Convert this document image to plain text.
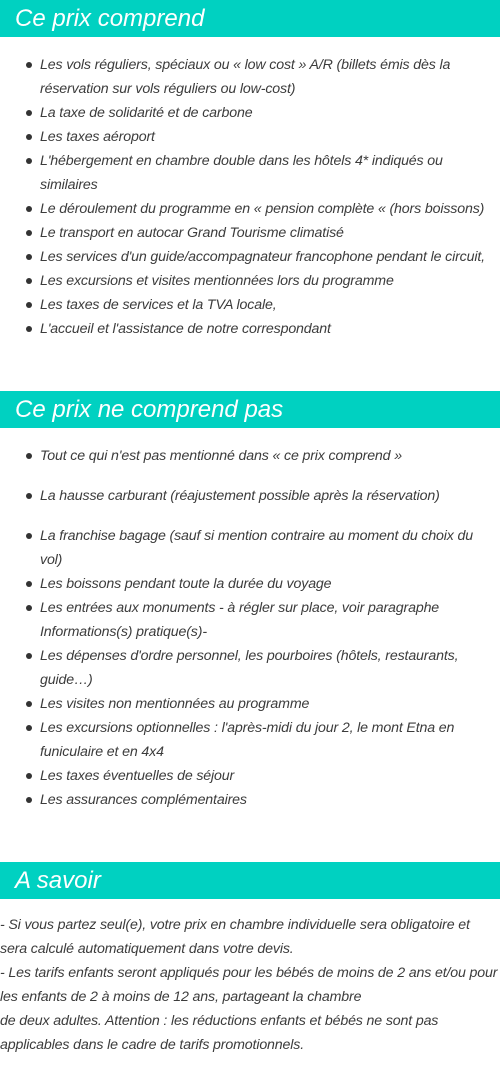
Ce prix comprend
Les vols réguliers, spéciaux ou « low cost » A/R (billets émis dès la réservation sur vols réguliers ou low-cost)
La taxe de solidarité et de carbone
Les taxes aéroport
L'hébergement en chambre double dans les hôtels 4* indiqués ou similaires
Le déroulement du programme en « pension complète « (hors boissons)
Le transport en autocar Grand Tourisme climatisé
Les services d'un guide/accompagnateur francophone pendant le circuit,
Les excursions et visites mentionnées lors du programme
Les taxes de services et la TVA locale,
L'accueil et l'assistance de notre correspondant
Ce prix ne comprend pas
Tout ce qui n'est pas mentionné dans « ce prix comprend »
La hausse carburant (réajustement possible après la réservation)
La franchise bagage (sauf si mention contraire au moment du choix du vol)
Les boissons pendant toute la durée du voyage
Les entrées aux monuments - à régler sur place, voir paragraphe Informations(s) pratique(s)-
Les dépenses d'ordre personnel, les pourboires (hôtels, restaurants, guide…)
Les visites non mentionnées au programme
Les excursions optionnelles : l'après-midi du jour 2, le mont Etna en funiculaire et en 4x4
Les taxes éventuelles de séjour
Les assurances complémentaires
A savoir

- Si vous partez seul(e), votre prix en chambre individuelle sera obligatoire et sera calculé automatiquement dans votre devis.

- Les tarifs enfants seront appliqués pour les bébés de moins de 2 ans et/ou pour les enfants de 2 à moins de 12 ans, partageant la chambre

de deux adultes. Attention : les réductions enfants et bébés ne sont pas applicables dans le cadre de tarifs promotionnels.
